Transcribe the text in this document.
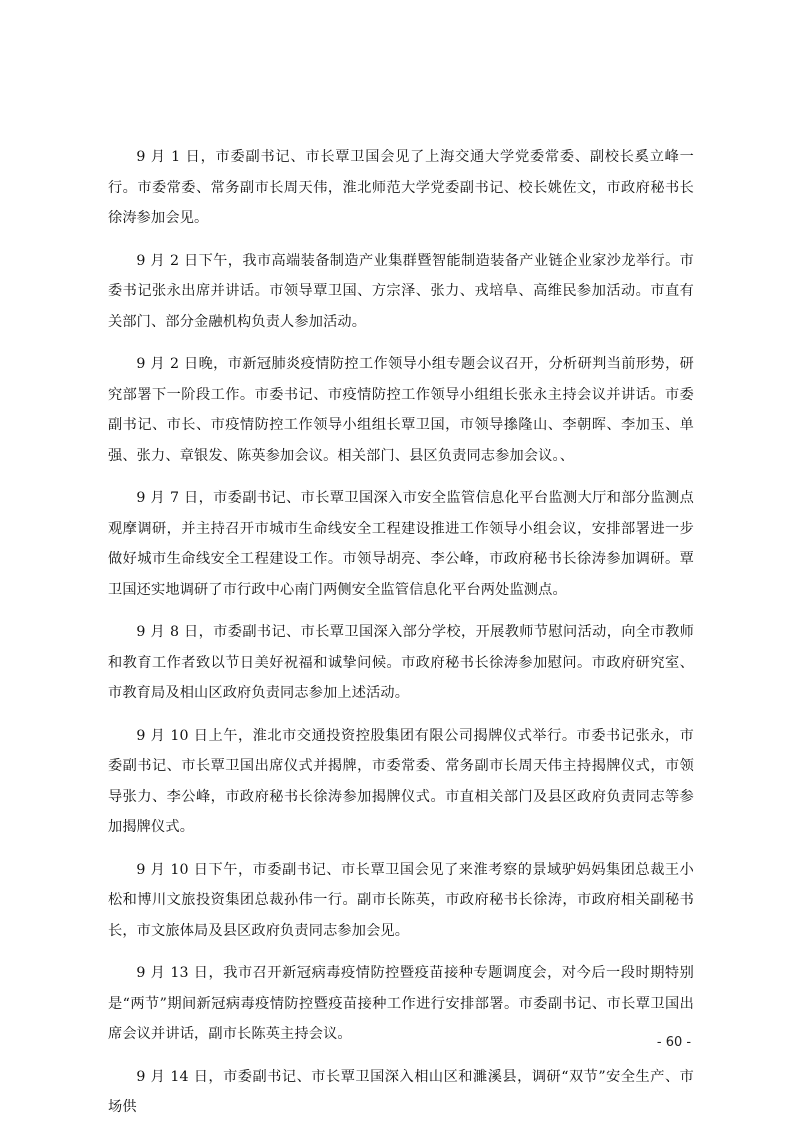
9 月 1 日，市委副书记、市长覃卫国会见了上海交通大学党委常委、副校长奚立峰一行。市委常委、常务副市长周天伟，淮北师范大学党委副书记、校长姚佐文，市政府秘书长徐涛参加会见。

9 月 2 日下午，我市高端装备制造产业集群暨智能制造装备产业链企业家沙龙举行。市委书记张永出席并讲话。市领导覃卫国、方宗泽、张力、戎培阜、高维民参加活动。市直有关部门、部分金融机构负责人参加活动。

9 月 2 日晚，市新冠肺炎疫情防控工作领导小组专题会议召开，分析研判当前形势，研究部署下一阶段工作。市委书记、市疫情防控工作领导小组组长张永主持会议并讲话。市委副书记、市长、市疫情防控工作领导小组组长覃卫国，市领导撡隆山、李朝晖、李加玉、单强、张力、章银发、陈英参加会议。相关部门、县区负责同志参加会议。、

9 月 7 日，市委副书记、市长覃卫国深入市安全监管信息化平台监测大厅和部分监测点观摩调研，并主持召开市城市生命线安全工程建设推进工作领导小组会议，安排部署进一步做好城市生命线安全工程建设工作。市领导胡亮、李公峰，市政府秘书长徐涛参加调研。覃卫国还实地调研了市行政中心南门两侧安全监管信息化平台两处监测点。

9 月 8 日，市委副书记、市长覃卫国深入部分学校，开展教师节慰问活动，向全市教师和教育工作者致以节日美好祝福和诚挚问候。市政府秘书长徐涛参加慰问。市政府研究室、市教育局及相山区政府负责同志参加上述活动。

9 月 10 日上午，淮北市交通投资控股集团有限公司揭牌仪式举行。市委书记张永，市委副书记、市长覃卫国出席仪式并揭牌，市委常委、常务副市长周天伟主持揭牌仪式，市领导张力、李公峰，市政府秘书长徐涛参加揭牌仪式。市直相关部门及县区政府负责同志等参加揭牌仪式。

9 月 10 日下午，市委副书记、市长覃卫国会见了来淮考察的景域驴妈妈集团总裁王小松和博川文旅投资集团总裁孙伟一行。副市长陈英，市政府秘书长徐涛，市政府相关副秘书长，市文旅体局及县区政府负责同志参加会见。

9 月 13 日，我市召开新冠病毒疫情防控暨疫苗接种专题调度会，对今后一段时期特别是“两节”期间新冠病毒疫情防控暨疫苗接种工作进行安排部署。市委副书记、市长覃卫国出席会议并讲话，副市长陈英主持会议。

9 月 14 日，市委副书记、市长覃卫国深入相山区和濉溪县，调研“双节”安全生产、市场供

- 60 -
